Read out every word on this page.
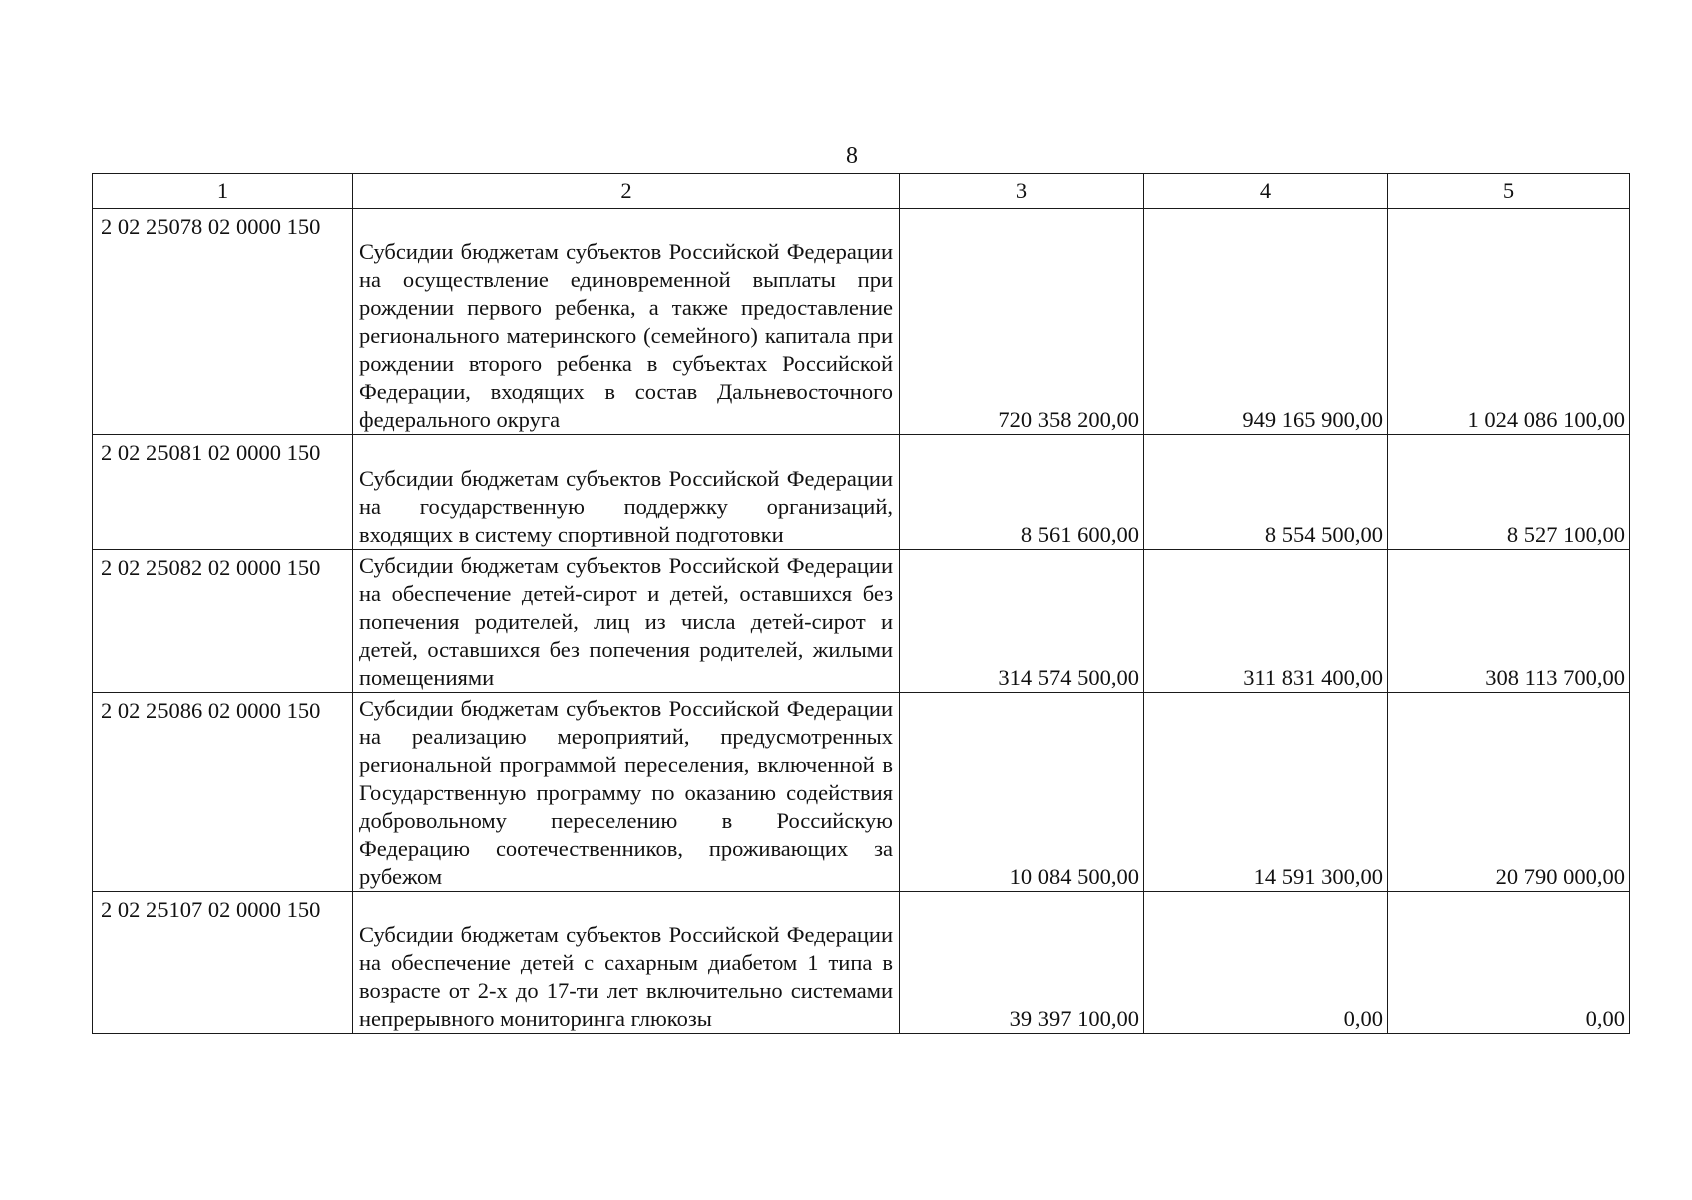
8
1	2	3	4	5
2 02 25078 02 0000 150	Субсидии бюджетам субъектов Российской Федерации на осуществление единовременной выплаты при рождении первого ребенка, а также предоставление регионального материнского (семейного) капитала при рождении второго ребенка в субъектах Российской Федерации, входящих в состав Дальневосточного федерального округа	720 358 200,00	949 165 900,00	1 024 086 100,00
2 02 25081 02 0000 150	Субсидии бюджетам субъектов Российской Федерации на государственную поддержку организаций, входящих в систему спортивной подготовки	8 561 600,00	8 554 500,00	8 527 100,00
2 02 25082 02 0000 150	Субсидии бюджетам субъектов Российской Федерации на обеспечение детей-сирот и детей, оставшихся без попечения родителей, лиц из числа детей-сирот и детей, оставшихся без попечения родителей, жилыми помещениями	314 574 500,00	311 831 400,00	308 113 700,00
2 02 25086 02 0000 150	Субсидии бюджетам субъектов Российской Федерации на реализацию мероприятий, предусмотренных региональной программой переселения, включенной в Государственную программу по оказанию содействия добровольному переселению в Российскую Федерацию соотечественников, проживающих за рубежом	10 084 500,00	14 591 300,00	20 790 000,00
2 02 25107 02 0000 150	Субсидии бюджетам субъектов Российской Федерации на обеспечение детей с сахарным диабетом 1 типа в возрасте от 2-х до 17-ти лет включительно системами непрерывного мониторинга глюкозы	39 397 100,00	0,00	0,00
